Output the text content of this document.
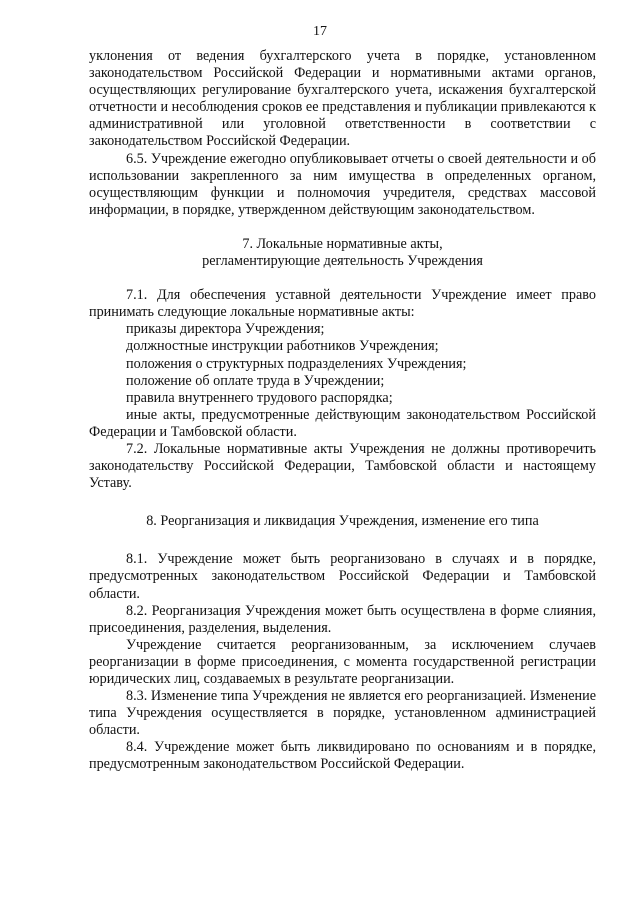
17

уклонения от ведения бухгалтерского учета в порядке, установленном законодательством Российской Федерации и нормативными актами органов, осуществляющих регулирование бухгалтерского учета, искажения бухгалтерской отчетности и несоблюдения сроков ее представления и публикации привлекаются к административной или уголовной ответственности в соответствии с законодательством Российской Федерации.

6.5. Учреждение ежегодно опубликовывает отчеты о своей деятельности и об использовании закрепленного за ним имущества в определенных органом, осуществляющим функции и полномочия учредителя, средствах массовой информации, в порядке, утвержденном действующим законодательством.

7. Локальные нормативные акты,

регламентирующие деятельность Учреждения

7.1. Для обеспечения уставной деятельности Учреждение имеет право принимать следующие локальные нормативные акты:

приказы директора Учреждения;

должностные инструкции работников Учреждения;

положения о структурных подразделениях Учреждения;

положение об оплате труда в Учреждении;

правила внутреннего трудового распорядка;

иные акты, предусмотренные действующим законодательством Российской Федерации и Тамбовской области.

7.2. Локальные нормативные акты Учреждения не должны противоречить законодательству Российской Федерации, Тамбовской области и настоящему Уставу.

8. Реорганизация и ликвидация Учреждения, изменение его типа

8.1. Учреждение может быть реорганизовано в случаях и в порядке, предусмотренных законодательством Российской Федерации и Тамбовской области.

8.2. Реорганизация Учреждения может быть осуществлена в форме слияния, присоединения, разделения, выделения.

Учреждение считается реорганизованным, за исключением случаев реорганизации в форме присоединения, с момента государственной регистрации юридических лиц, создаваемых в результате реорганизации.

8.3. Изменение типа Учреждения не является его реорганизацией. Изменение типа Учреждения осуществляется в порядке, установленном администрацией области.

8.4. Учреждение может быть ликвидировано по основаниям и в порядке, предусмотренным законодательством Российской Федерации.
